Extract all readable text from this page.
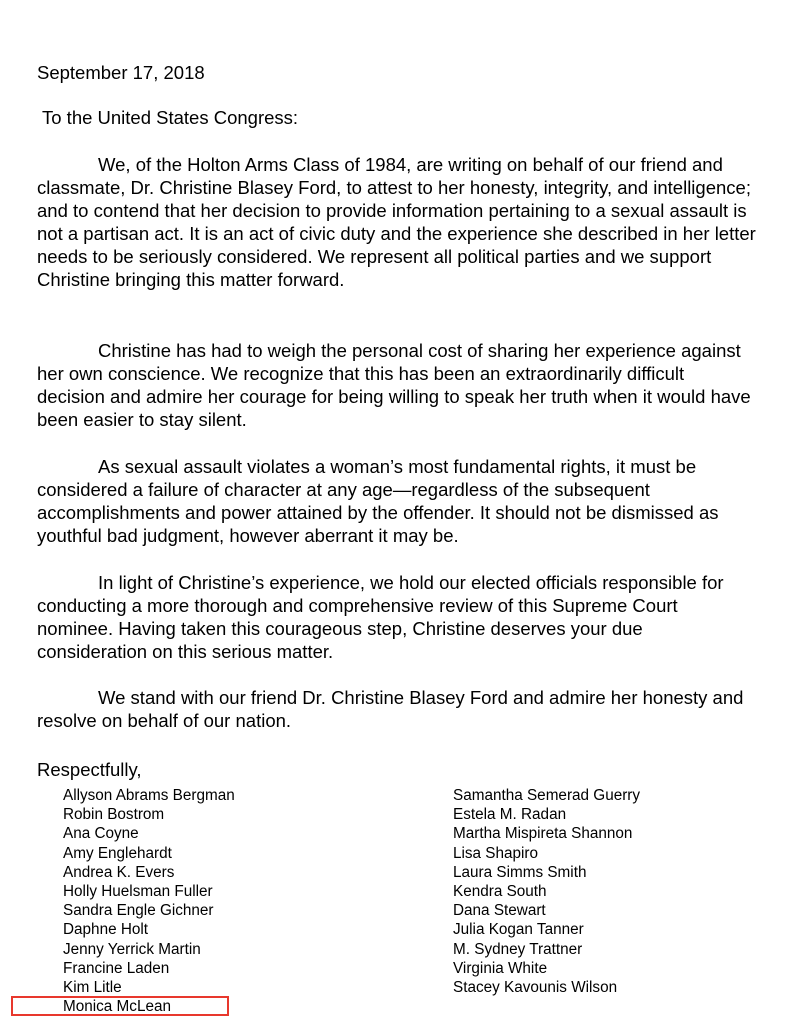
September 17, 2018
To the United States Congress:

We, of the Holton Arms Class of 1984, are writing on behalf of our friend and classmate, Dr. Christine Blasey Ford, to attest to her honesty, integrity, and intelligence; and to contend that her decision to provide information pertaining to a sexual assault is not a partisan act. It is an act of civic duty and the experience she described in her letter needs to be seriously considered. We represent all political parties and we support Christine bringing this matter forward.

Christine has had to weigh the personal cost of sharing her experience against her own conscience. We recognize that this has been an extraordinarily difficult decision and admire her courage for being willing to speak her truth when it would have been easier to stay silent.

As sexual assault violates a woman’s most fundamental rights, it must be considered a failure of character at any age—regardless of the subsequent accomplishments and power attained by the offender. It should not be dismissed as youthful bad judgment, however aberrant it may be.

In light of Christine’s experience, we hold our elected officials responsible for conducting a more thorough and comprehensive review of this Supreme Court nominee. Having taken this courageous step, Christine deserves your due consideration on this serious matter.

We stand with our friend Dr. Christine Blasey Ford and admire her honesty and resolve on behalf of our nation.

Respectfully,
Allyson Abrams Bergman
Robin Bostrom
Ana Coyne
Amy Englehardt
Andrea K. Evers
Holly Huelsman Fuller
Sandra Engle Gichner
Daphne Holt
Jenny Yerrick Martin
Francine Laden
Kim Litle
Monica McLean
Samantha Semerad Guerry
Estela M. Radan
Martha Mispireta Shannon
Lisa Shapiro
Laura Simms Smith
Kendra South
Dana Stewart
Julia Kogan Tanner
M. Sydney Trattner
Virginia White
Stacey Kavounis Wilson
